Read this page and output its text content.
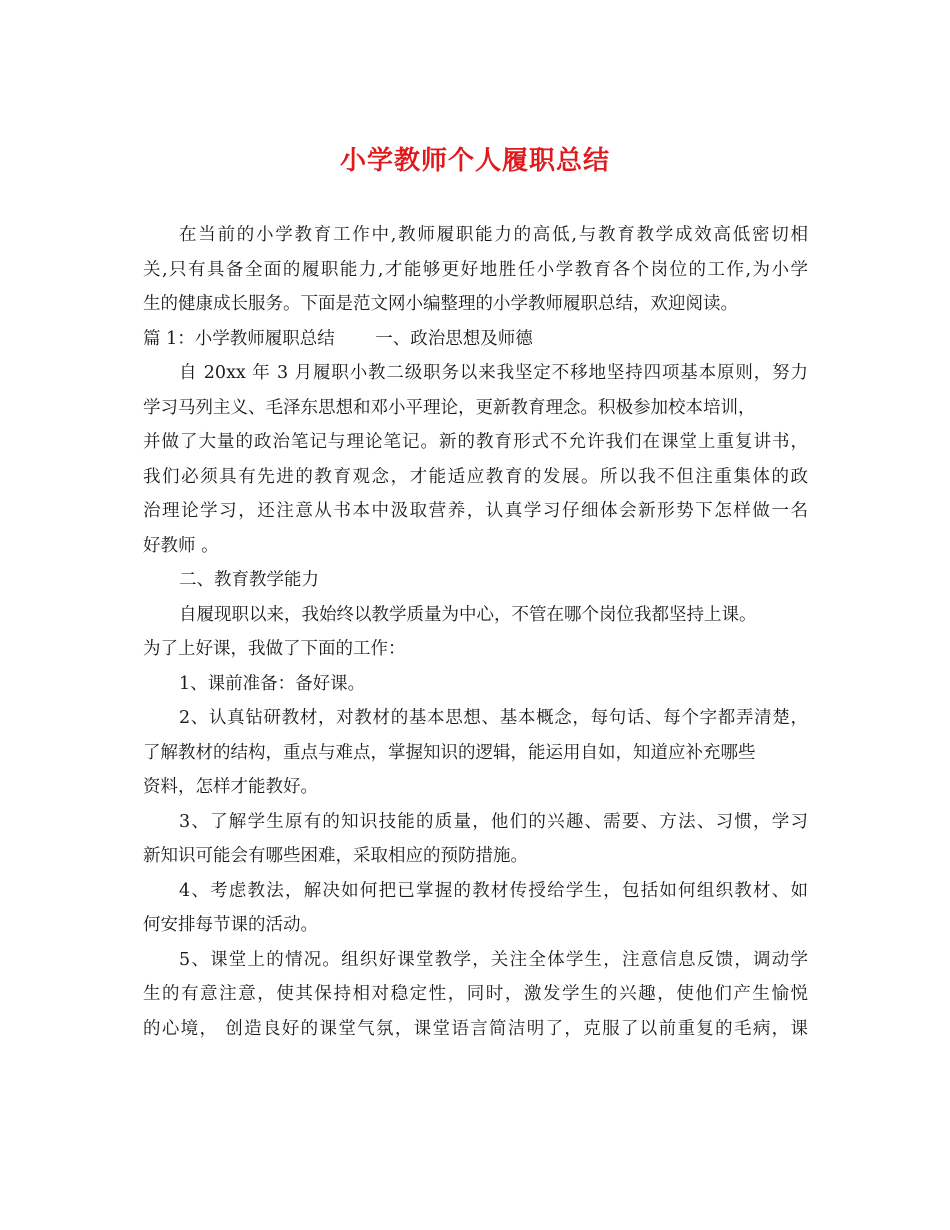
小学教师个人履职总结
在当前的小学教育工作中,教师履职能力的高低,与教育教学成效高低密切相
关,只有具备全面的履职能力,才能够更好地胜任小学教育各个岗位的工作,为小学
生的健康成长服务。下面是范文网小编整理的小学教师履职总结，欢迎阅读。
篇 1：小学教师履职总结　　 一、政治思想及师德
自 20xx 年 3 月履职小教二级职务以来我坚定不移地坚持四项基本原则，努力
学习马列主义、毛泽东思想和邓小平理论，更新教育理念。积极参加校本培训，
并做了大量的政治笔记与理论笔记。新的教育形式不允许我们在课堂上重复讲书，
我们必须具有先进的教育观念，才能适应教育的发展。所以我不但注重集体的政
治理论学习，还注意从书本中汲取营养，认真学习仔细体会新形势下怎样做一名
好教师 。
二、教育教学能力
自履现职以来，我始终以教学质量为中心，不管在哪个岗位我都坚持上课。
为了上好课，我做了下面的工作：
1、课前准备：备好课。
2、认真钻研教材，对教材的基本思想、基本概念，每句话、每个字都弄清楚，
了解教材的结构，重点与难点，掌握知识的逻辑，能运用自如，知道应补充哪些
资料，怎样才能教好。
3、了解学生原有的知识技能的质量，他们的兴趣、需要、方法、习惯，学习
新知识可能会有哪些困难，采取相应的预防措施。
4、考虑教法，解决如何把已掌握的教材传授给学生，包括如何组织教材、如
何安排每节课的活动。
5、课堂上的情况。组织好课堂教学，关注全体学生，注意信息反馈，调动学
生的有意注意，使其保持相对稳定性，同时，激发学生的兴趣，使他们产生愉悦
的心境， 创造良好的课堂气氛，课堂语言简洁明了，克服了以前重复的毛病，课
